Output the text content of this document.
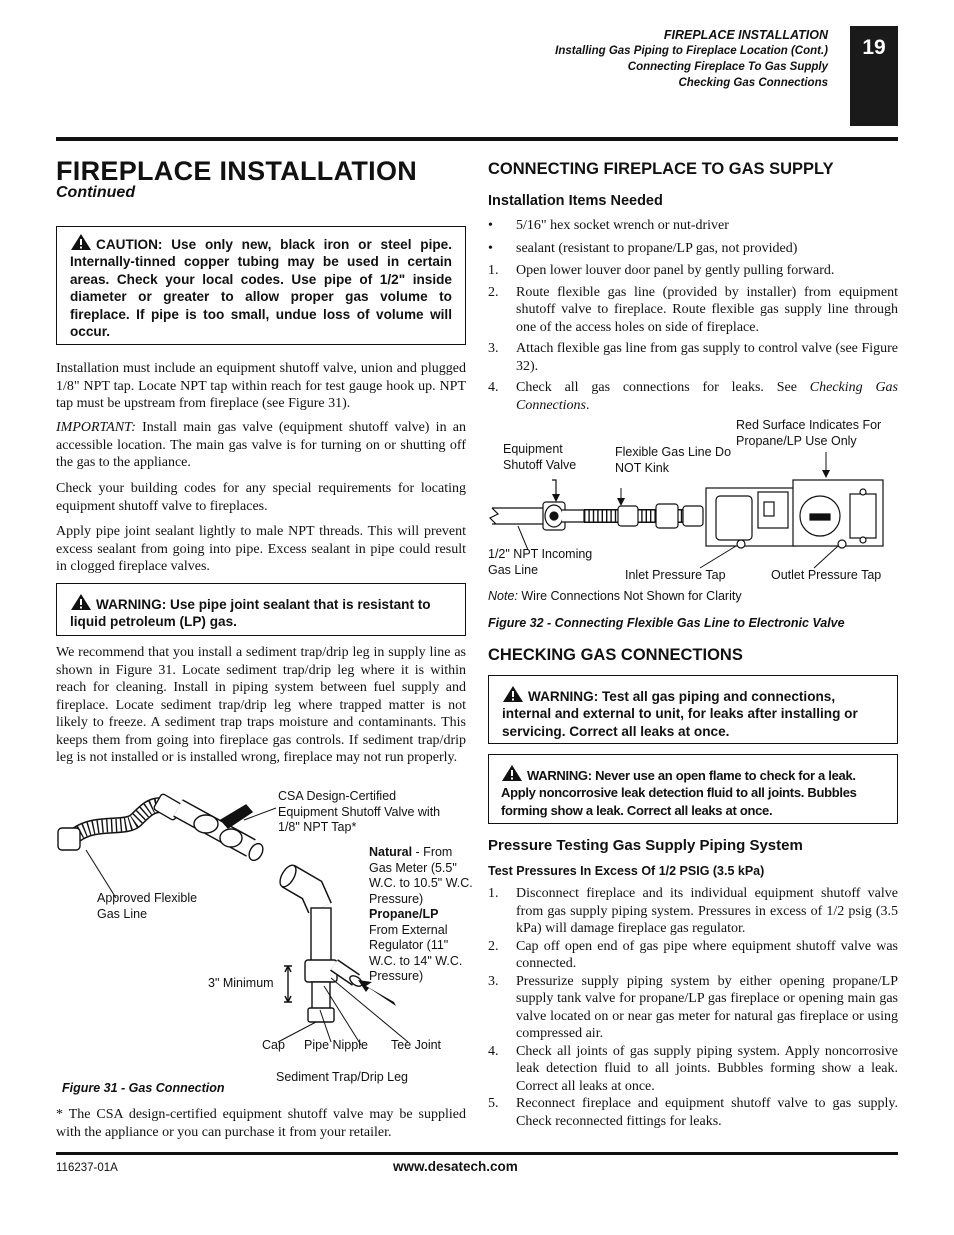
FIREPLACE INSTALLATION
Installing Gas Piping to Fireplace Location (Cont.)
Connecting Fireplace To Gas Supply
Checking Gas Connections
19
FIREPLACE INSTALLATION
Continued
CAUTION: Use only new, black iron or steel pipe. Internally-tinned copper tubing may be used in certain areas. Check your local codes. Use pipe of 1/2" inside diameter or greater to allow proper gas volume to fireplace. If pipe is too small, undue loss of volume will occur.
Installation must include an equipment shutoff valve, union and plugged 1/8" NPT tap. Locate NPT tap within reach for test gauge hook up. NPT tap must be upstream from fireplace (see Figure 31).
IMPORTANT: Install main gas valve (equipment shutoff valve) in an accessible location. The main gas valve is for turning on or shutting off the gas to the appliance.
Check your building codes for any special requirements for locating equipment shutoff valve to fireplaces.
Apply pipe joint sealant lightly to male NPT threads. This will prevent excess sealant from going into pipe. Excess sealant in pipe could result in clogged fireplace valves.
WARNING: Use pipe joint sealant that is resistant to liquid petroleum (LP) gas.
We recommend that you install a sediment trap/drip leg in supply line as shown in Figure 31. Locate sediment trap/drip leg where it is within reach for cleaning. Install in piping system between fuel supply and fireplace. Locate sediment trap/drip leg where trapped matter is not likely to freeze. A sediment trap traps moisture and contaminants. This keeps them from going into fireplace gas controls. If sediment trap/drip leg is not installed or is installed wrong, fireplace may not run properly.
CSA Design-Certified Equipment Shutoff Valve with 1/8" NPT Tap*
Approved Flexible Gas Line
Natural - From Gas Meter (5.5" W.C. to 10.5" W.C. Pressure)
Propane/LP
From External Regulator (11" W.C. to 14" W.C. Pressure)
3" Minimum
Cap Pipe Nipple Tee Joint
Sediment Trap/Drip Leg
Figure 31 - Gas Connection
* The CSA design-certified equipment shutoff valve may be supplied with the appliance or you can purchase it from your retailer.
CONNECTING FIREPLACE TO GAS SUPPLY
Installation Items Needed
• 5/16" hex socket wrench or nut-driver
• sealant (resistant to propane/LP gas, not provided)
1. Open lower louver door panel by gently pulling forward.
2. Route flexible gas line (provided by installer) from equipment shutoff valve to fireplace. Route flexible gas supply line through one of the access holes on side of fireplace.
3. Attach flexible gas line from gas supply to control valve (see Figure 32).
4. Check all gas connections for leaks. See Checking Gas Connections.
Red Surface Indicates For Propane/LP Use Only
Equipment Shutoff Valve
Flexible Gas Line Do NOT Kink
1/2" NPT Incoming Gas Line	Inlet Pressure Tap	Outlet Pressure Tap
Note: Wire Connections Not Shown for Clarity
Figure 32 - Connecting Flexible Gas Line to Electronic Valve
CHECKING GAS CONNECTIONS
WARNING: Test all gas piping and connections, internal and external to unit, for leaks after installing or servicing. Correct all leaks at once.
WARNING: Never use an open flame to check for a leak. Apply noncorrosive leak detection fluid to all joints. Bubbles forming show a leak. Correct all leaks at once.
Pressure Testing Gas Supply Piping System
Test Pressures In Excess Of 1/2 PSIG (3.5 kPa)
1. Disconnect fireplace and its individual equipment shutoff valve from gas supply piping system. Pressures in excess of 1/2 psig (3.5 kPa) will damage fireplace gas regulator.
2. Cap off open end of gas pipe where equipment shutoff valve was connected.
3. Pressurize supply piping system by either opening propane/LP supply tank valve for propane/LP gas fireplace or opening main gas valve located on or near gas meter for natural gas fireplace or using compressed air.
4. Check all joints of gas supply piping system. Apply noncorrosive leak detection fluid to all joints. Bubbles forming show a leak. Correct all leaks at once.
5. Reconnect fireplace and equipment shutoff valve to gas supply. Check reconnected fittings for leaks.
116237-01A	www.desatech.com
